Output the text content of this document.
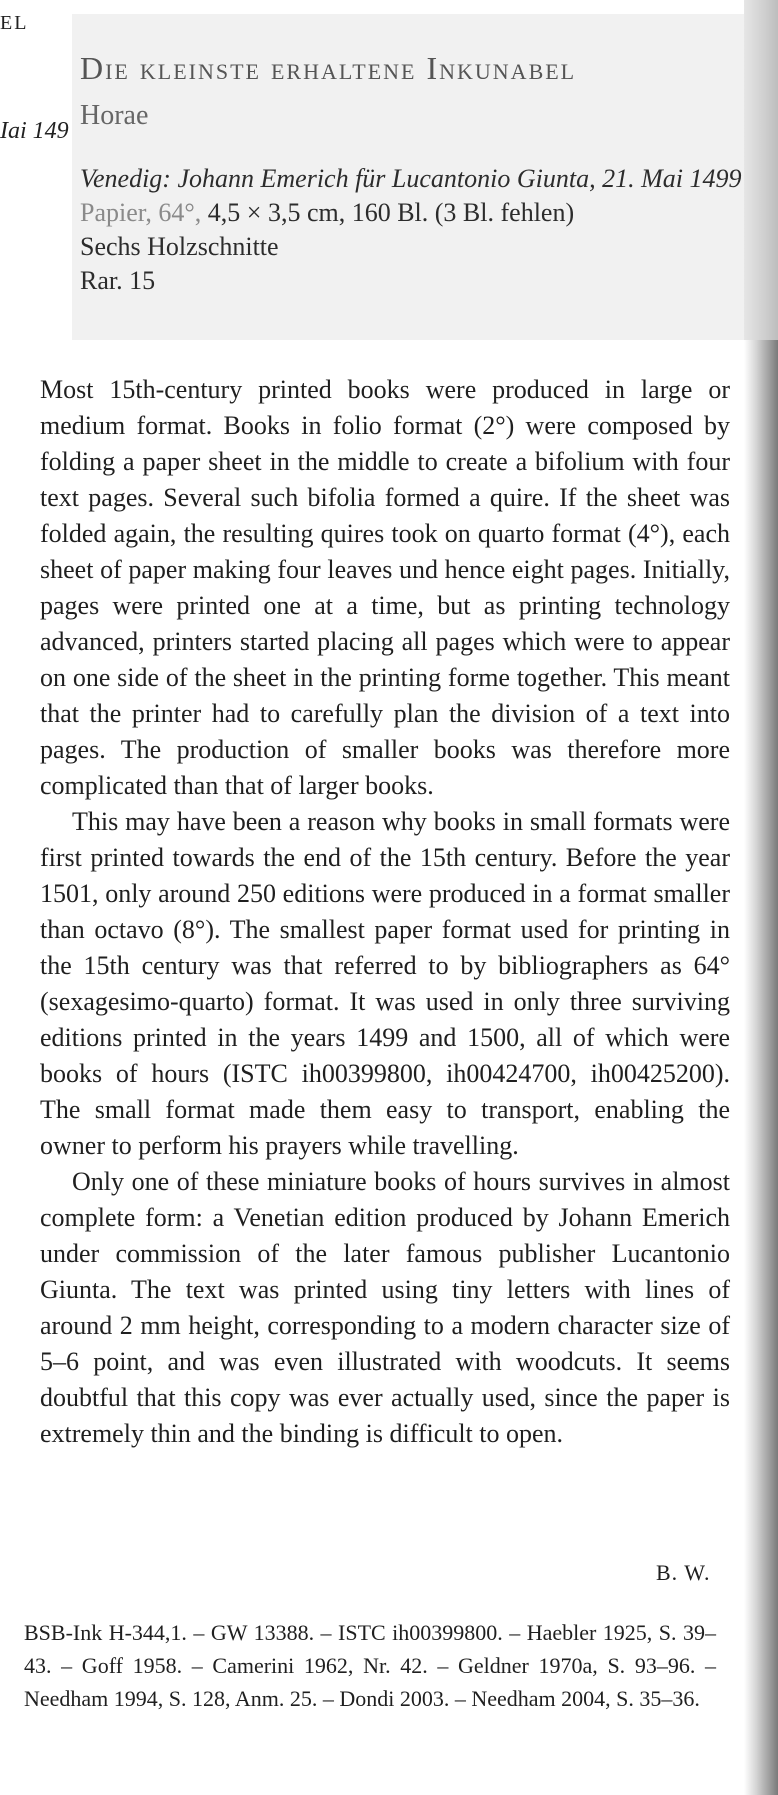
EL
Iai 149
Die kleinste erhaltene Inkunabel
Horae
Venedig: Johann Emerich für Lucantonio Giunta, 21. Mai 1499
Papier, 64°, 4,5 × 3,5 cm, 160 Bl. (3 Bl. fehlen)
Sechs Holzschnitte
Rar. 15

Most 15th-century printed books were produced in large or medium format. Books in folio format (2°) were composed by folding a paper sheet in the middle to create a bifolium with four text pages. Several such bifolia formed a quire. If the sheet was folded again, the resulting quires took on quarto format (4°), each sheet of paper making four leaves und hence eight pages. Initially, pages were printed one at a time, but as printing technology advanced, printers started placing all pages which were to appear on one side of the sheet in the printing forme together. This meant that the printer had to carefully plan the division of a text into pages. The production of smaller books was therefore more complicated than that of larger books.

This may have been a reason why books in small formats were first printed towards the end of the 15th century. Before the year 1501, only around 250 editions were produced in a format smaller than octavo (8°). The smallest paper format used for printing in the 15th century was that referred to by bibliographers as 64° (sexagesimo-quarto) format. It was used in only three surviving editions printed in the years 1499 and 1500, all of which were books of hours (ISTC ih00399800, ih00424700, ih00425200). The small format made them easy to transport, enabling the owner to perform his prayers while travelling.

Only one of these miniature books of hours survives in almost complete form: a Venetian edition produced by Johann Emerich under commission of the later famous publisher Lucantonio Giunta. The text was printed using tiny letters with lines of around 2 mm height, corresponding to a modern character size of 5–6 point, and was even illustrated with woodcuts. It seems doubtful that this copy was ever actually used, since the paper is extremely thin and the binding is difficult to open.

B. W.
BSB-Ink H-344,1. – GW 13388. – ISTC ih00399800. – Haebler 1925, S. 39–43. – Goff 1958. – Camerini 1962, Nr. 42. – Geldner 1970a, S. 93–96. – Needham 1994, S. 128, Anm. 25. – Dondi 2003. – Needham 2004, S. 35–36.
